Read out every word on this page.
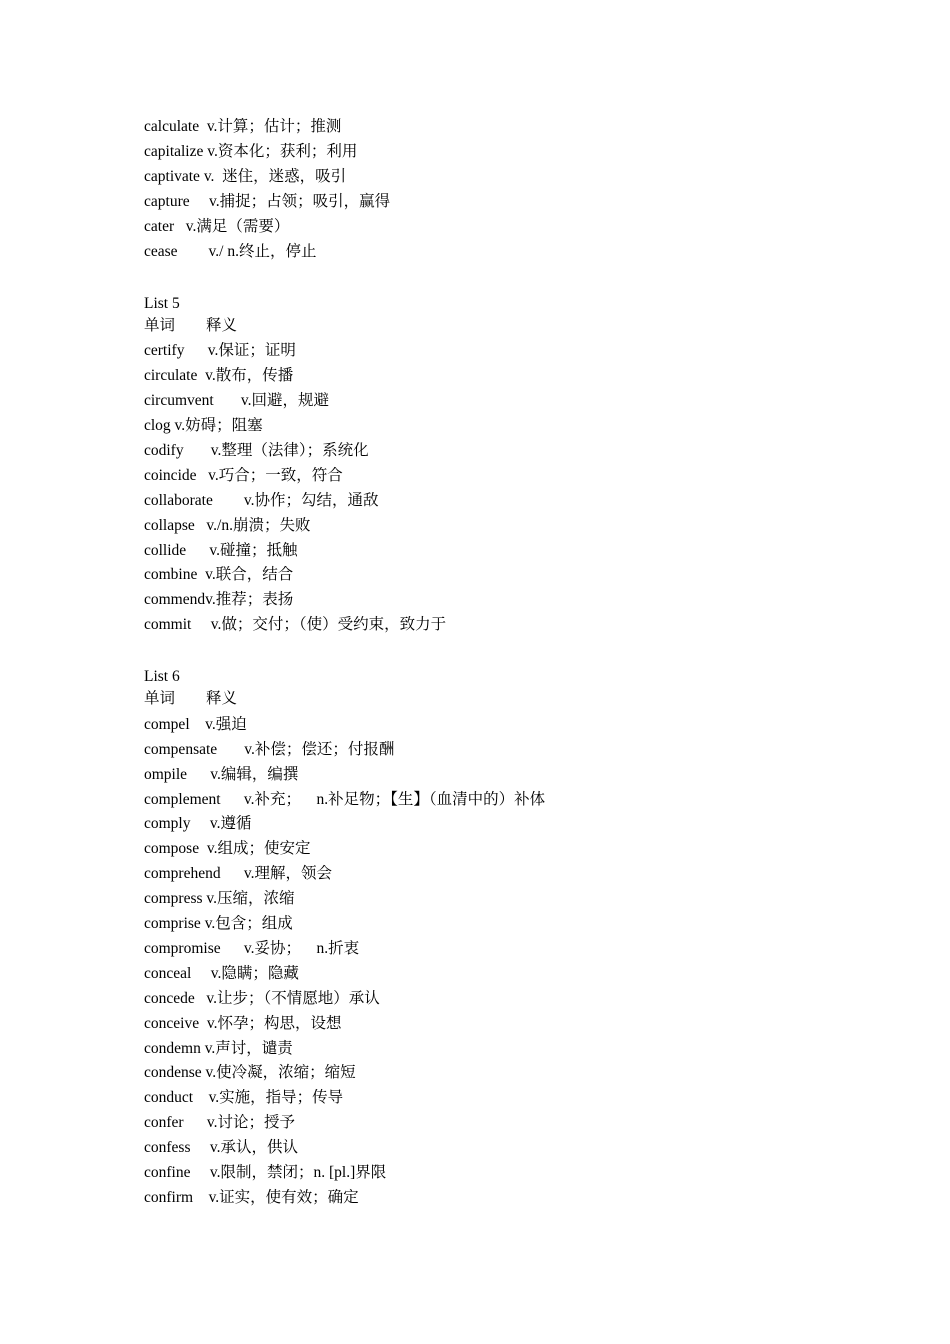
calculate  v.计算；估计；推测
capitalize v.资本化；获利；利用
captivate v.  迷住，迷惑，吸引
capture     v.捕捉；占领；吸引，赢得
cater   v.满足（需要）
cease        v./ n.终止，停止
List 5
单词        释义
certify      v.保证；证明
circulate  v.散布，传播
circumvent       v.回避，规避
clog v.妨碍；阻塞
codify       v.整理（法律）；系统化
coincide   v.巧合；一致，符合
collaborate        v.协作；勾结，通敌
collapse   v./n.崩溃；失败
collide      v.碰撞；抵触
combine  v.联合，结合
commendv.推荐；表扬
commit     v.做；交付；（使）受约束，致力于
List 6
单词        释义
compel    v.强迫
compensate       v.补偿；偿还；付报酬
ompile      v.编辑，编撰
complement      v.补充；    n.补足物；【生】（血清中的）补体
comply     v.遵循
compose  v.组成；使安定
comprehend      v.理解，领会
compress v.压缩，浓缩
comprise v.包含；组成
compromise      v.妥协；    n.折衷
conceal     v.隐瞒；隐藏
concede   v.让步；（不情愿地）承认
conceive  v.怀孕；构思，设想
condemn v.声讨，谴责
condense v.使冷凝，浓缩；缩短
conduct    v.实施，指导；传导
confer      v.讨论；授予
confess     v.承认，供认
confine     v.限制，禁闭；n. [pl.]界限
confirm    v.证实，使有效；确定
